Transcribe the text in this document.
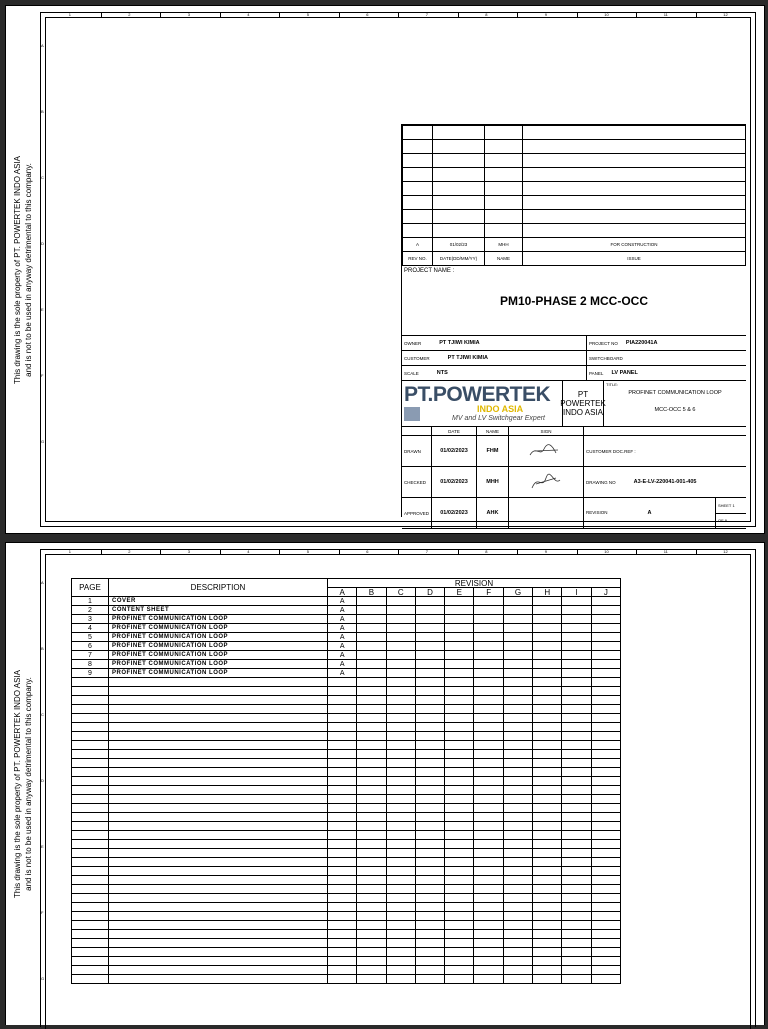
This drawing is the sole property of PT. POWERTEK INDO ASIA and is not to be used in anyway detrimental to this company.
1	2	3	4	5	6	7	8	9	10	11	12
A
B
C
D
E
F
G

A	01/02/23	MHH	FOR CONSTRUCTION
REV NO.	DATE(DD/MM/YY)	NAME	ISSUE
PROJECT NAME :
PM10-PHASE 2 MCC-OCC
OWNER	PT TJIWI KIMIA	PROJECT NO PIA220041A
CUSTOMER	PT TJIWI KIMIA	SWITCHBOARD
SCALE	NTS	PANEL LV PANEL
PT.POWERTEK
INDO ASIA
MV and LV Switchgear Expert
PT POWERTEK INDO ASIA
TITLE:
PROFINET COMMUNICATION LOOP
MCC-OCC 5 & 6
DATE	NAME	SIGN
DRAWN	01/02/2023	FHM	CUSTOMER DOC.REF :
CHECKED	01/02/2023	MHH	DRAWING NO	A3-E-LV-220041-001-405
APPROVED	01/02/2023	AHK	REVISION	A
SHEET
1
OF
9
This drawing is the sole property of PT. POWERTEK INDO ASIA and is not to be used in anyway detrimental to this company.
1	2	3	4	5	6	7	8	9	10	11	12
A
B
C
D
E
F
G
PAGE	DESCRIPTION	REVISION									
		A	B	C	D	E	F	G	H	I	J
1	COVER	A									
2	CONTENT SHEET	A									
3	PROFINET COMMUNICATION LOOP	A									
4	PROFINET COMMUNICATION LOOP	A									
5	PROFINET COMMUNICATION LOOP	A									
6	PROFINET COMMUNICATION LOOP	A									
7	PROFINET COMMUNICATION LOOP	A									
8	PROFINET COMMUNICATION LOOP	A									
9	PROFINET COMMUNICATION LOOP	A									
